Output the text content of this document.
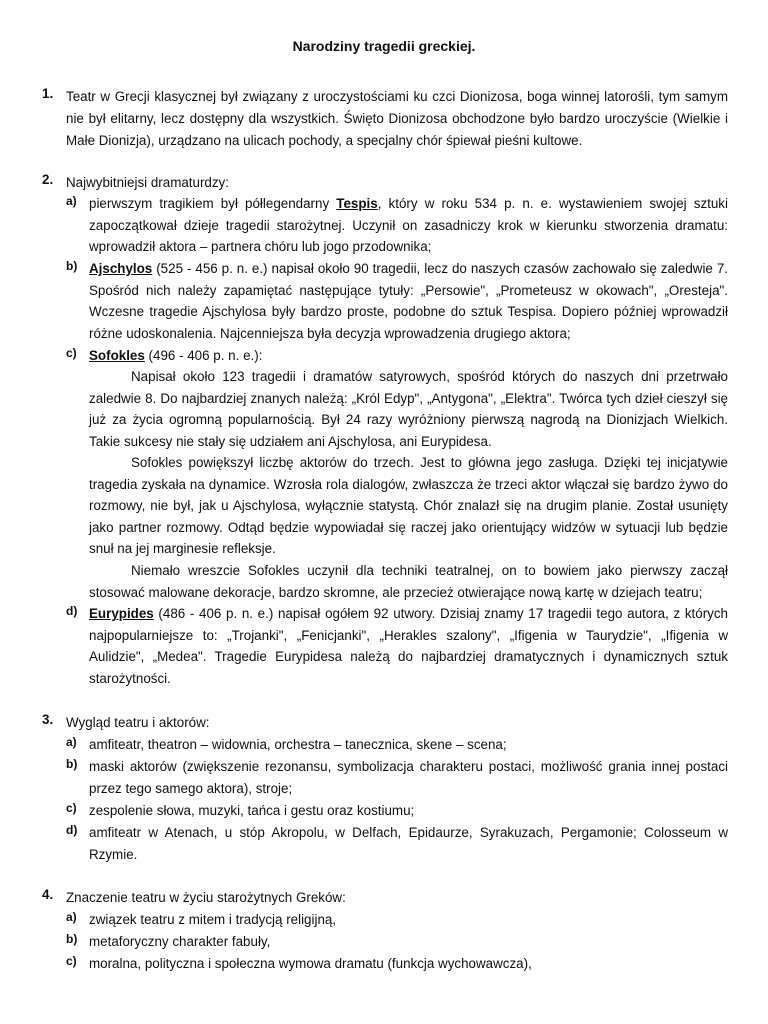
Narodziny tragedii greckiej.
1. Teatr w Grecji klasycznej był związany z uroczystościami ku czci Dionizosa, boga winnej latorośli, tym samym nie był elitarny, lecz dostępny dla wszystkich. Święto Dionizosa obchodzone było bardzo uroczyście (Wielkie i Małe Dionizja), urządzano na ulicach pochody, a specjalny chór śpiewał pieśni kultowe.
2. Najwybitniejsi dramaturdzy:
a) pierwszym tragikiem był półlegendarny Tespis, który w roku 534 p. n. e. wystawieniem swojej sztuki zapoczątkował dzieje tragedii starożytnej. Uczynił on zasadniczy krok w kierunku stworzenia dramatu: wprowadził aktora – partnera chóru lub jogo przodownika;
b) Ajschylos (525 - 456 p. n. e.) napisał około 90 tragedii, lecz do naszych czasów zachowało się zaledwie 7. Spośród nich należy zapamiętać następujące tytuły: „Persowie", „Prometeusz w okowach", „Oresteja". Wczesne tragedie Ajschylosa były bardzo proste, podobne do sztuk Tespisa. Dopiero później wprowadził różne udoskonalenia. Najcenniejsza była decyzja wprowadzenia drugiego aktora;
c) Sofokles (496 - 406 p. n. e.):
Napisał około 123 tragedii i dramatów satyrowych, spośród których do naszych dni przetrwało zaledwie 8. Do najbardziej znanych należą: „Król Edyp", „Antygona", „Elektra". Twórca tych dzieł cieszył się już za życia ogromną popularnością. Był 24 razy wyróżniony pierwszą nagrodą na Dionizjach Wielkich. Takie sukcesy nie stały się udziałem ani Ajschylosa, ani Eurypidesa.
Sofokles powiększył liczbę aktorów do trzech. Jest to główna jego zasługa. Dzięki tej inicjatywie tragedia zyskała na dynamice. Wzrosła rola dialogów, zwłaszcza że trzeci aktor włączał się bardzo żywo do rozmowy, nie był, jak u Ajschylosa, wyłącznie statystą. Chór znalazł się na drugim planie. Został usunięty jako partner rozmowy. Odtąd będzie wypowiadał się raczej jako orientujący widzów w sytuacji lub będzie snuł na jej marginesie refleksje.
Niemało wreszcie Sofokles uczynił dla techniki teatralnej, on to bowiem jako pierwszy zaczął stosować malowane dekoracje, bardzo skromne, ale przecież otwierające nową kartę w dziejach teatru;
d) Eurypides (486 - 406 p. n. e.) napisał ogółem 92 utwory. Dzisiaj znamy 17 tragedii tego autora, z których najpopularniejsze to: „Trojanki", „Fenicjanki", „Herakles szalony", „Ifigenia w Taurydzie", „Ifigenia w Aulidzie", „Medea". Tragedie Eurypidesa należą do najbardziej dramatycznych i dynamicznych sztuk starożytności.
3. Wygląd teatru i aktorów:
a) amfiteatr, theatron – widownia, orchestra – tanecznica, skene – scena;
b) maski aktorów (zwiększenie rezonansu, symbolizacja charakteru postaci, możliwość grania innej postaci przez tego samego aktora), stroje;
c) zespolenie słowa, muzyki, tańca i gestu oraz kostiumu;
d) amfiteatr w Atenach, u stóp Akropolu, w Delfach, Epidaurze, Syrakuzach, Pergamonie; Colosseum w Rzymie.
4. Znaczenie teatru w życiu starożytnych Greków:
a) związek teatru z mitem i tradycją religijną,
b) metaforyczny charakter fabuły,
c) moralna, polityczna i społeczna wymowa dramatu (funkcja wychowawcza),
